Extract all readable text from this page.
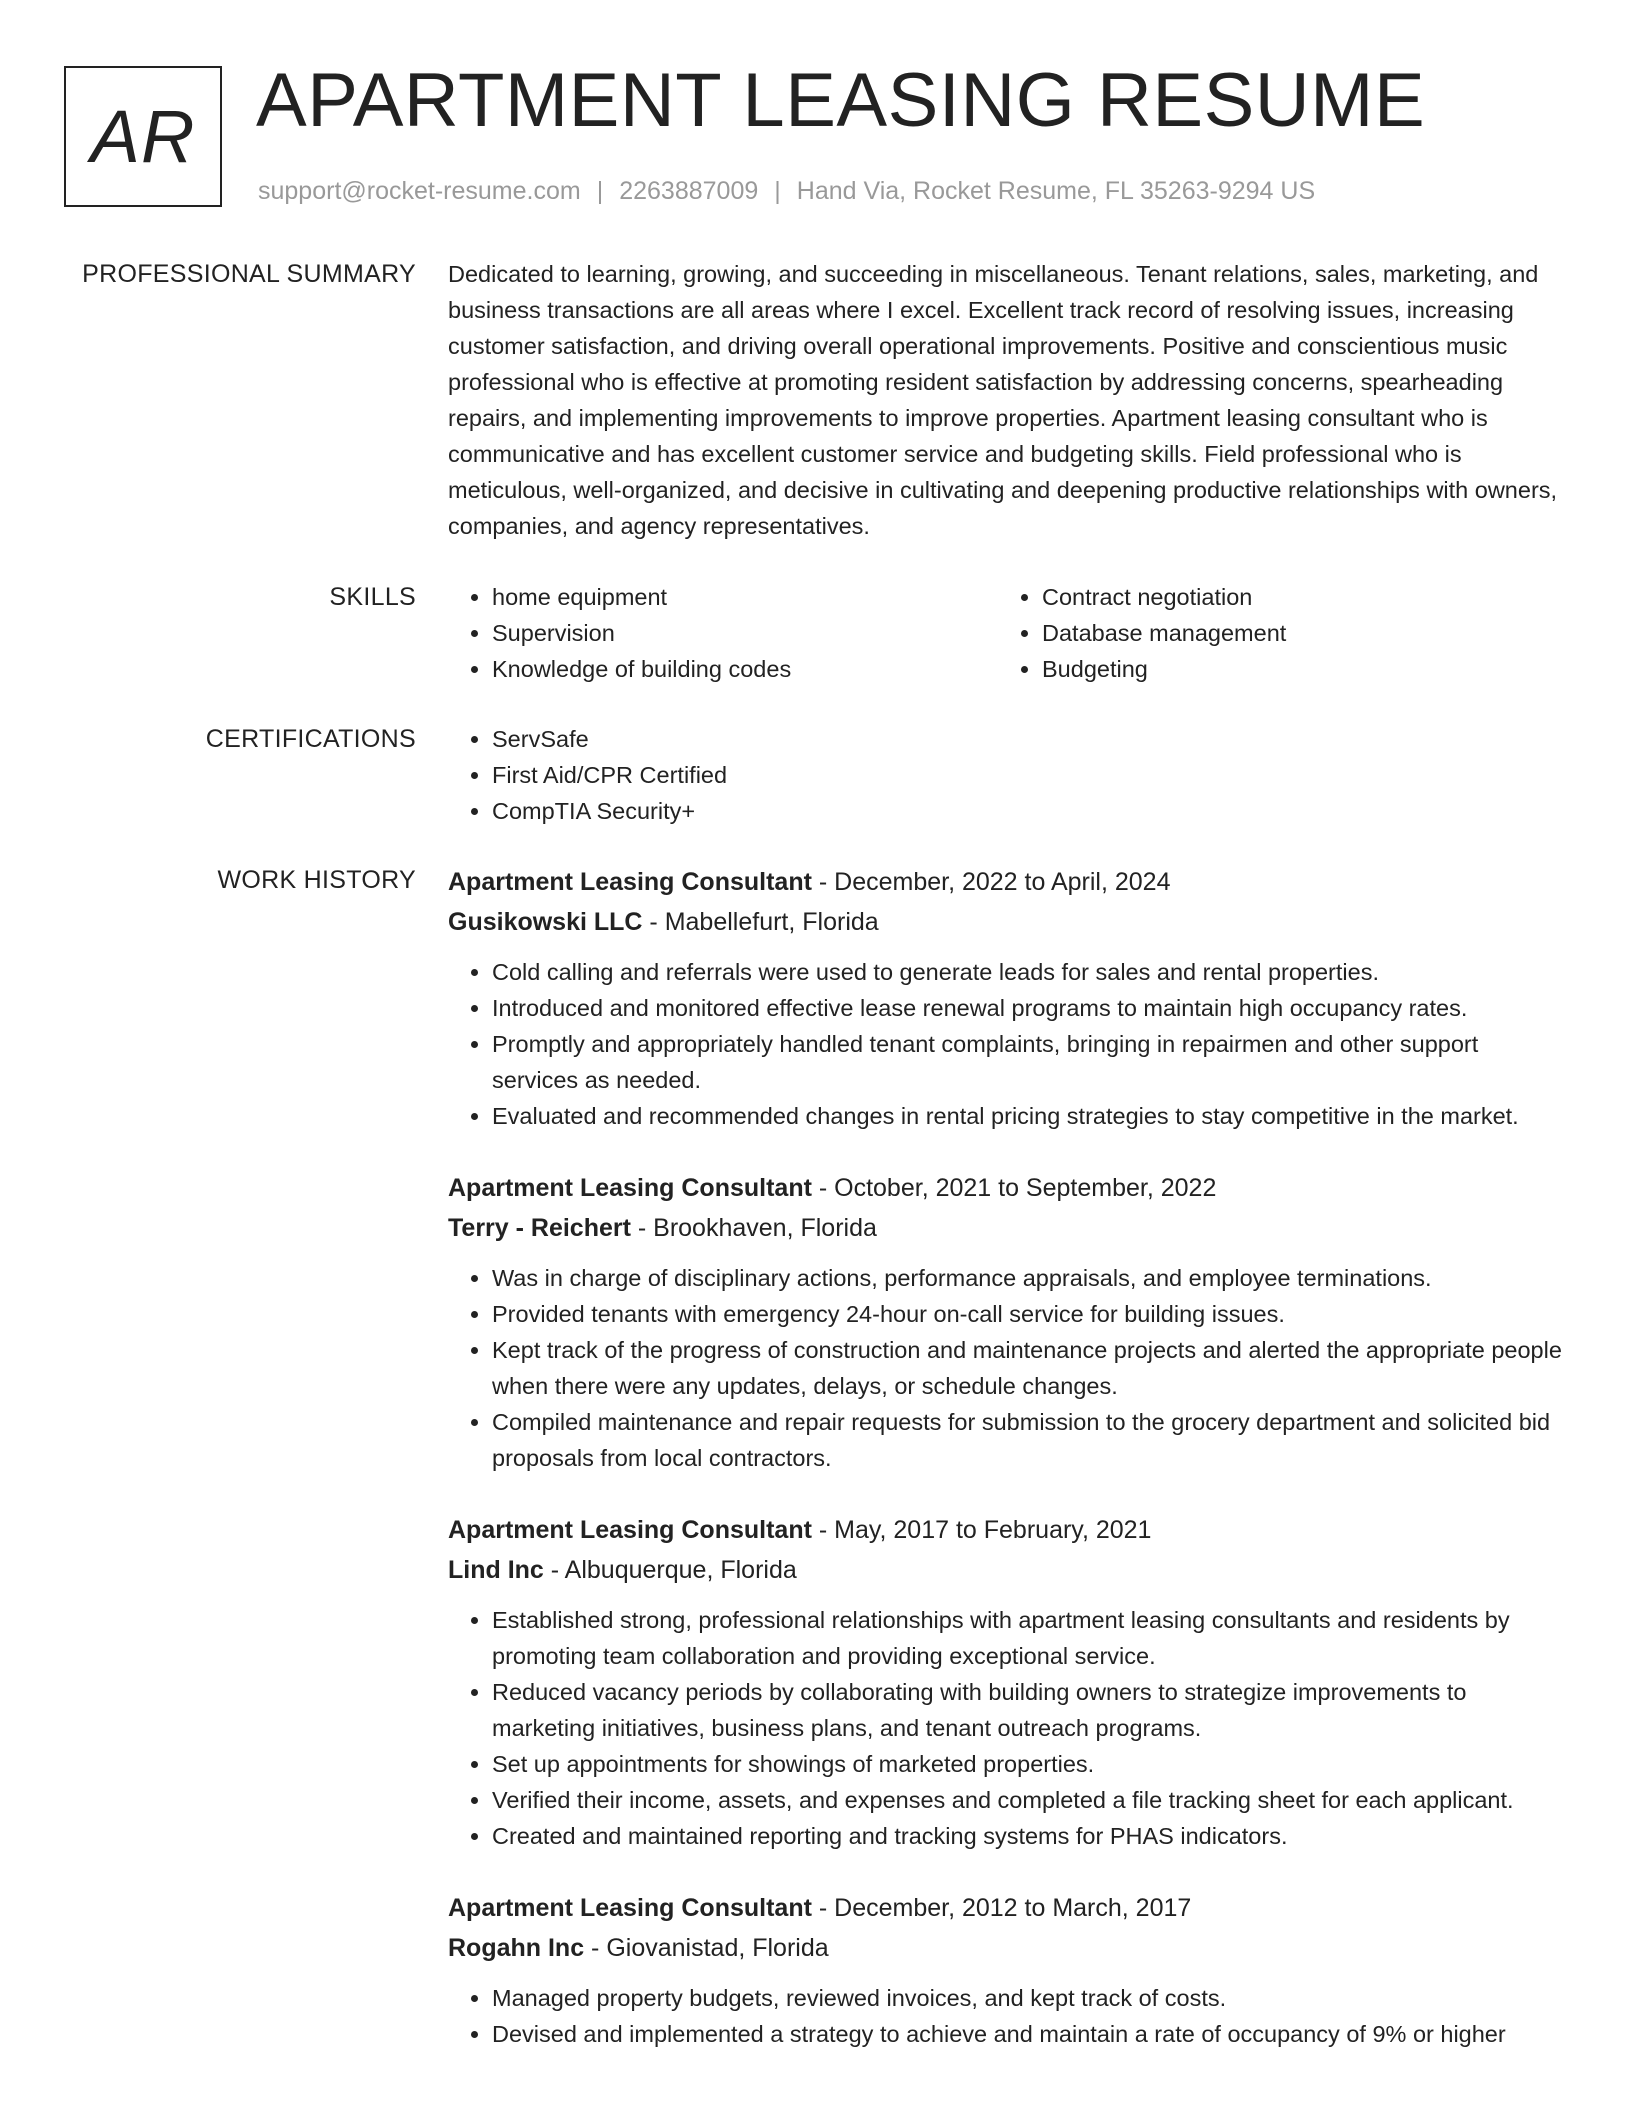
AR APARTMENT LEASING RESUME
support@rocket-resume.com | 2263887009 | Hand Via, Rocket Resume, FL 35263-9294 US
PROFESSIONAL SUMMARY Dedicated to learning, growing, and succeeding in miscellaneous. Tenant relations, sales, marketing, and business transactions are all areas where I excel. Excellent track record of resolving issues, increasing customer satisfaction, and driving overall operational improvements. Positive and conscientious music professional who is effective at promoting resident satisfaction by addressing concerns, spearheading repairs, and implementing improvements to improve properties. Apartment leasing consultant who is communicative and has excellent customer service and budgeting skills. Field professional who is meticulous, well-organized, and decisive in cultivating and deepening productive relationships with owners, companies, and agency representatives.

SKILLS	• home equipment
• Supervision
• Knowledge of building codes
• Contract negotiation
• Database management
• Budgeting
CERTIFICATIONS	• ServSafe
• First Aid/CPR Certified
• CompTIA Security+
WORK HISTORY Apartment Leasing Consultant - December, 2022 to April, 2024
Gusikowski LLC - Mabellefurt, Florida
• Cold calling and referrals were used to generate leads for sales and rental properties.
• Introduced and monitored effective lease renewal programs to maintain high occupancy rates.
• Promptly and appropriately handled tenant complaints, bringing in repairmen and other support services as needed.
• Evaluated and recommended changes in rental pricing strategies to stay competitive in the market.
Apartment Leasing Consultant - October, 2021 to September, 2022
Terry - Reichert - Brookhaven, Florida
• Was in charge of disciplinary actions, performance appraisals, and employee terminations.
• Provided tenants with emergency 24-hour on-call service for building issues.
• Kept track of the progress of construction and maintenance projects and alerted the appropriate people when there were any updates, delays, or schedule changes.
• Compiled maintenance and repair requests for submission to the grocery department and solicited bid proposals from local contractors.
Apartment Leasing Consultant - May, 2017 to February, 2021
Lind Inc - Albuquerque, Florida
• Established strong, professional relationships with apartment leasing consultants and residents by promoting team collaboration and providing exceptional service.
• Reduced vacancy periods by collaborating with building owners to strategize improvements to marketing initiatives, business plans, and tenant outreach programs.
• Set up appointments for showings of marketed properties.
• Verified their income, assets, and expenses and completed a file tracking sheet for each applicant.
• Created and maintained reporting and tracking systems for PHAS indicators.
Apartment Leasing Consultant - December, 2012 to March, 2017
Rogahn Inc - Giovanistad, Florida
• Managed property budgets, reviewed invoices, and kept track of costs.
• Devised and implemented a strategy to achieve and maintain a rate of occupancy of 9% or higher
